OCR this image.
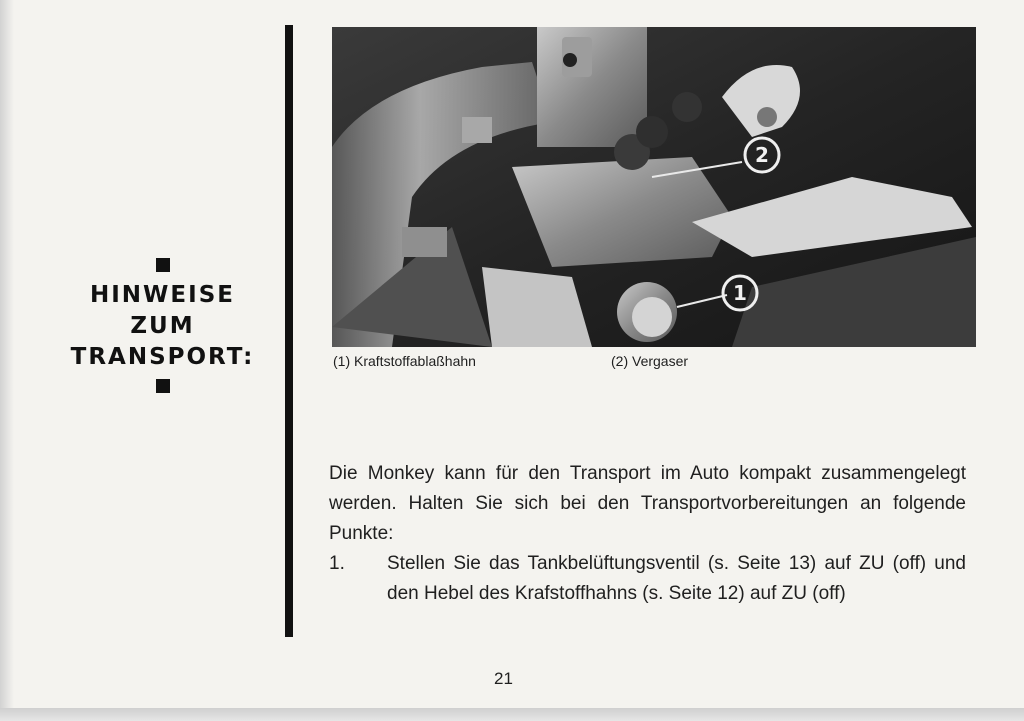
HINWEISE
ZUM
TRANSPORT:
1
2
(1) Kraftstoffablaßhahn	(2) Vergaser
Die Monkey kann für den Transport im Auto kompakt zusammengelegt werden. Halten Sie sich bei den Transportvorbereitungen an folgende Punkte:
1.	Stellen Sie das Tankbelüftungsventil (s. Seite 13) auf ZU (off) und den Hebel des Krafstoffhahns (s. Seite 12) auf ZU (off)
21
